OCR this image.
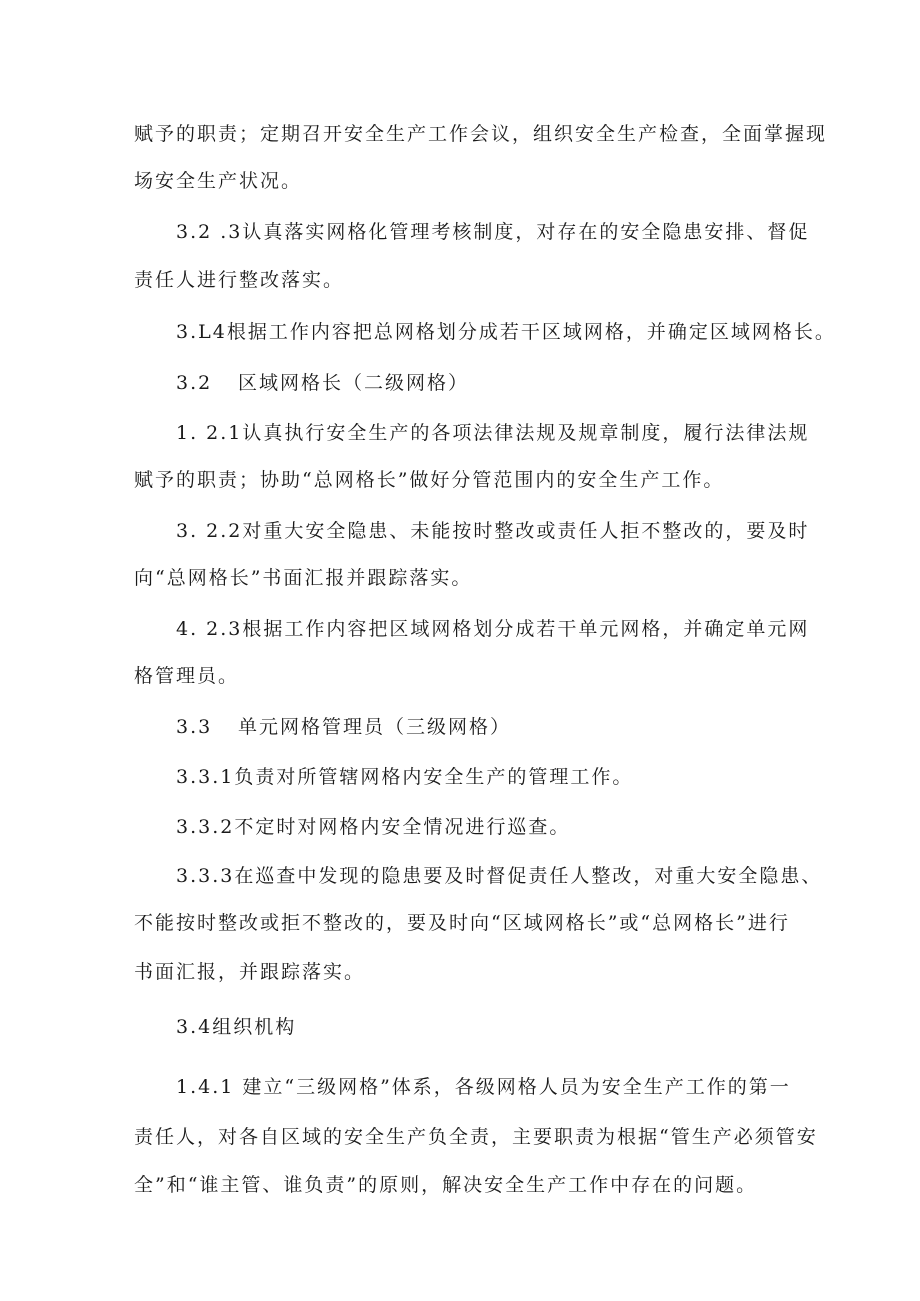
赋予的职责；定期召开安全生产工作会议，组织安全生产检查，全面掌握现
场安全生产状况。
3.2 .3认真落实网格化管理考核制度，对存在的安全隐患安排、督促
责任人进行整改落实。
3.L4根据工作内容把总网格划分成若干区域网格，并确定区域网格长。
3.2 区域网格长（二级网格）
1. 2.1认真执行安全生产的各项法律法规及规章制度，履行法律法规
赋予的职责；协助“总网格长”做好分管范围内的安全生产工作。
3. 2.2对重大安全隐患、未能按时整改或责任人拒不整改的，要及时
向“总网格长”书面汇报并跟踪落实。
4. 2.3根据工作内容把区域网格划分成若干单元网格，并确定单元网
格管理员。
3.3 单元网格管理员（三级网格）
3.3.1负责对所管辖网格内安全生产的管理工作。
3.3.2不定时对网格内安全情况进行巡查。
3.3.3在巡查中发现的隐患要及时督促责任人整改，对重大安全隐患、
不能按时整改或拒不整改的，要及时向“区域网格长”或“总网格长”进行
书面汇报，并跟踪落实。
3.4组织机构
1.4.1 建立“三级网格”体系，各级网格人员为安全生产工作的第一
责任人，对各自区域的安全生产负全责，主要职责为根据“管生产必须管安
全”和“谁主管、谁负责”的原则，解决安全生产工作中存在的问题。
